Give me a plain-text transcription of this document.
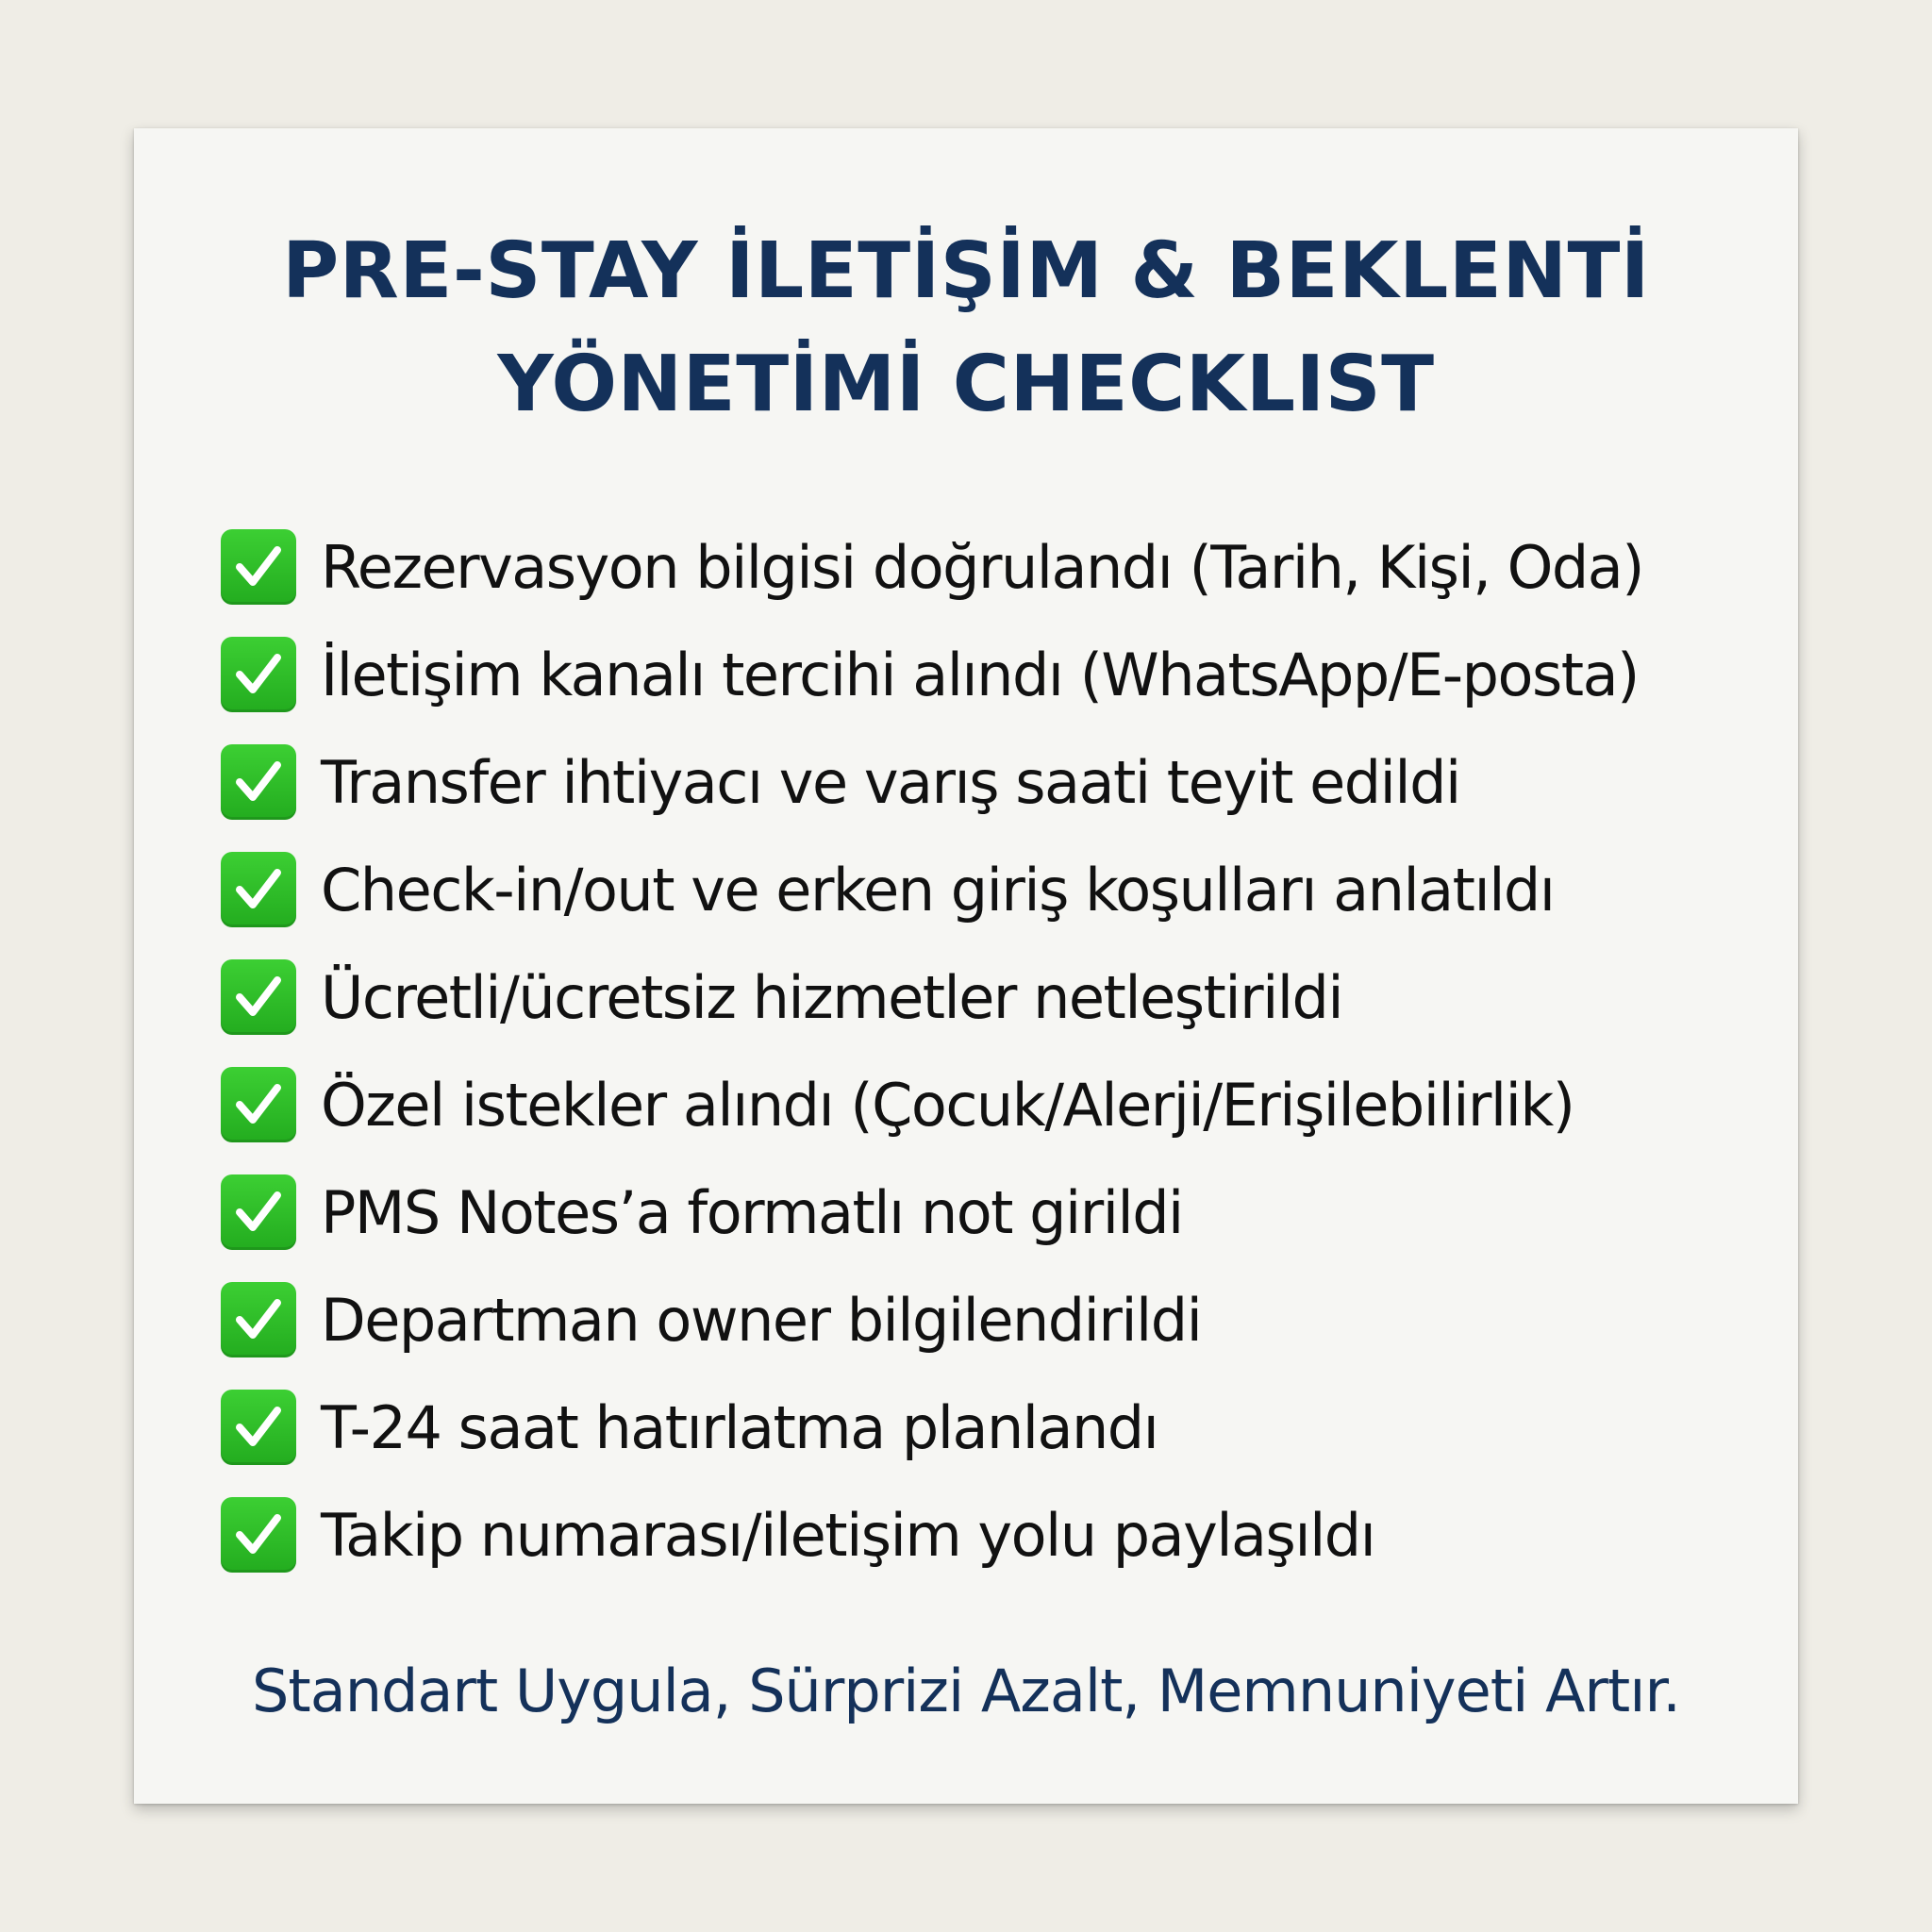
PRE-STAY İLETİŞİM & BEKLENTİ
YÖNETİMİ CHECKLIST
Rezervasyon bilgisi doğrulandı (Tarih, Kişi, Oda)
İletişim kanalı tercihi alındı (WhatsApp/E-posta)
Transfer ihtiyacı ve varış saati teyit edildi
Check-in/out ve erken giriş koşulları anlatıldı
Ücretli/ücretsiz hizmetler netleştirildi
Özel istekler alındı (Çocuk/Alerji/Erişilebilirlik)
PMS Notes’a formatlı not girildi
Departman owner bilgilendirildi
T-24 saat hatırlatma planlandı
Takip numarası/iletişim yolu paylaşıldı

Standart Uygula, Sürprizi Azalt, Memnuniyeti Artır.
